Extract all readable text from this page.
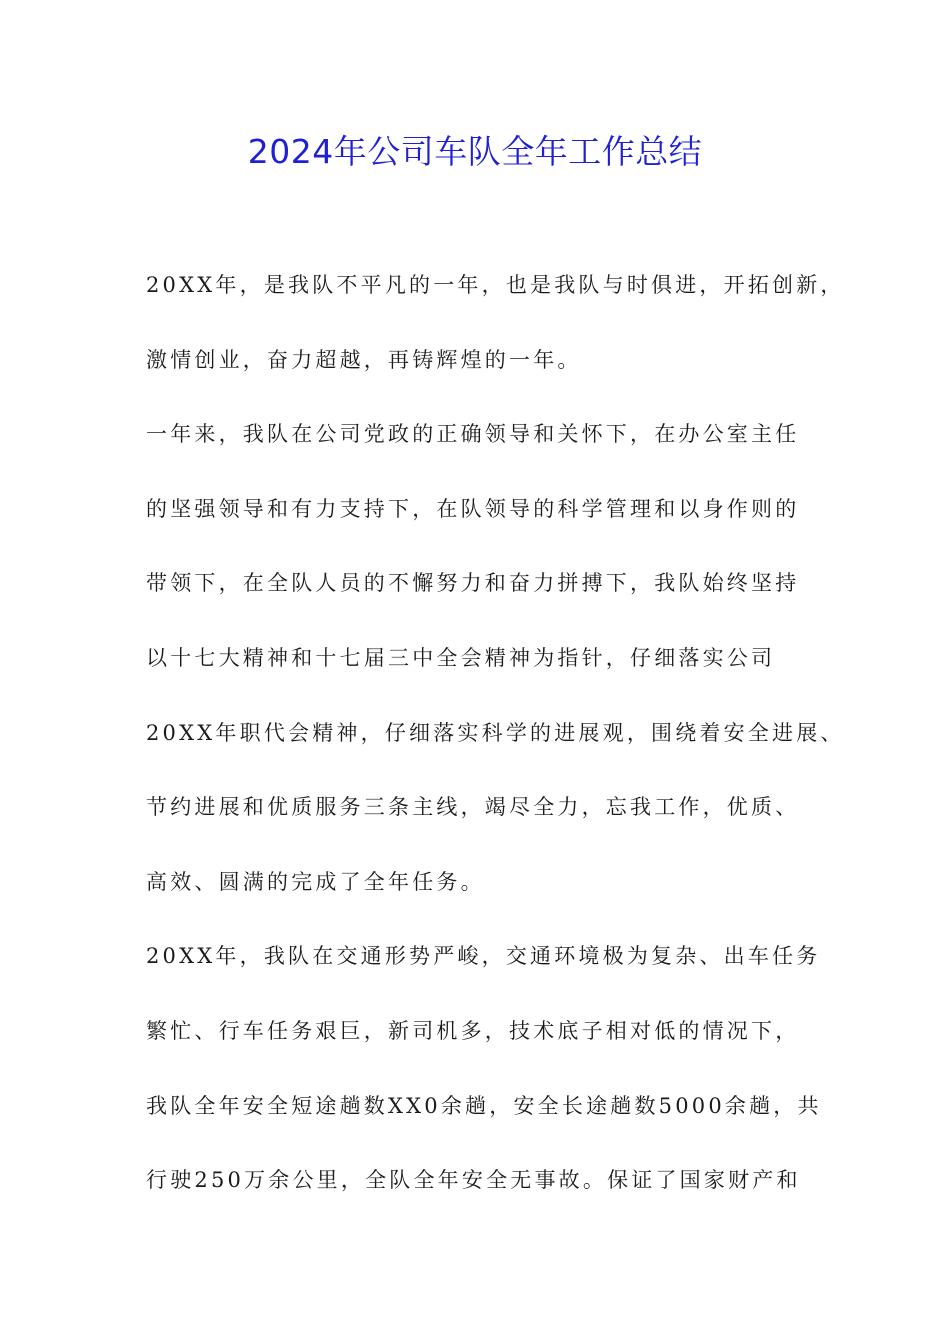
2024年公司车队全年工作总结
20XX年，是我队不平凡的一年，也是我队与时俱进，开拓创新，
激情创业，奋力超越，再铸辉煌的一年。
一年来，我队在公司党政的正确领导和关怀下，在办公室主任
的坚强领导和有力支持下，在队领导的科学管理和以身作则的
带领下，在全队人员的不懈努力和奋力拼搏下，我队始终坚持
以十七大精神和十七届三中全会精神为指针，仔细落实公司
20XX年职代会精神，仔细落实科学的进展观，围绕着安全进展、
节约进展和优质服务三条主线，竭尽全力，忘我工作，优质、
高效、圆满的完成了全年任务。
20XX年，我队在交通形势严峻，交通环境极为复杂、出车任务
繁忙、行车任务艰巨，新司机多，技术底子相对低的情况下，
我队全年安全短途趟数XX0余趟，安全长途趟数5000余趟，共
行驶250万余公里，全队全年安全无事故。保证了国家财产和
